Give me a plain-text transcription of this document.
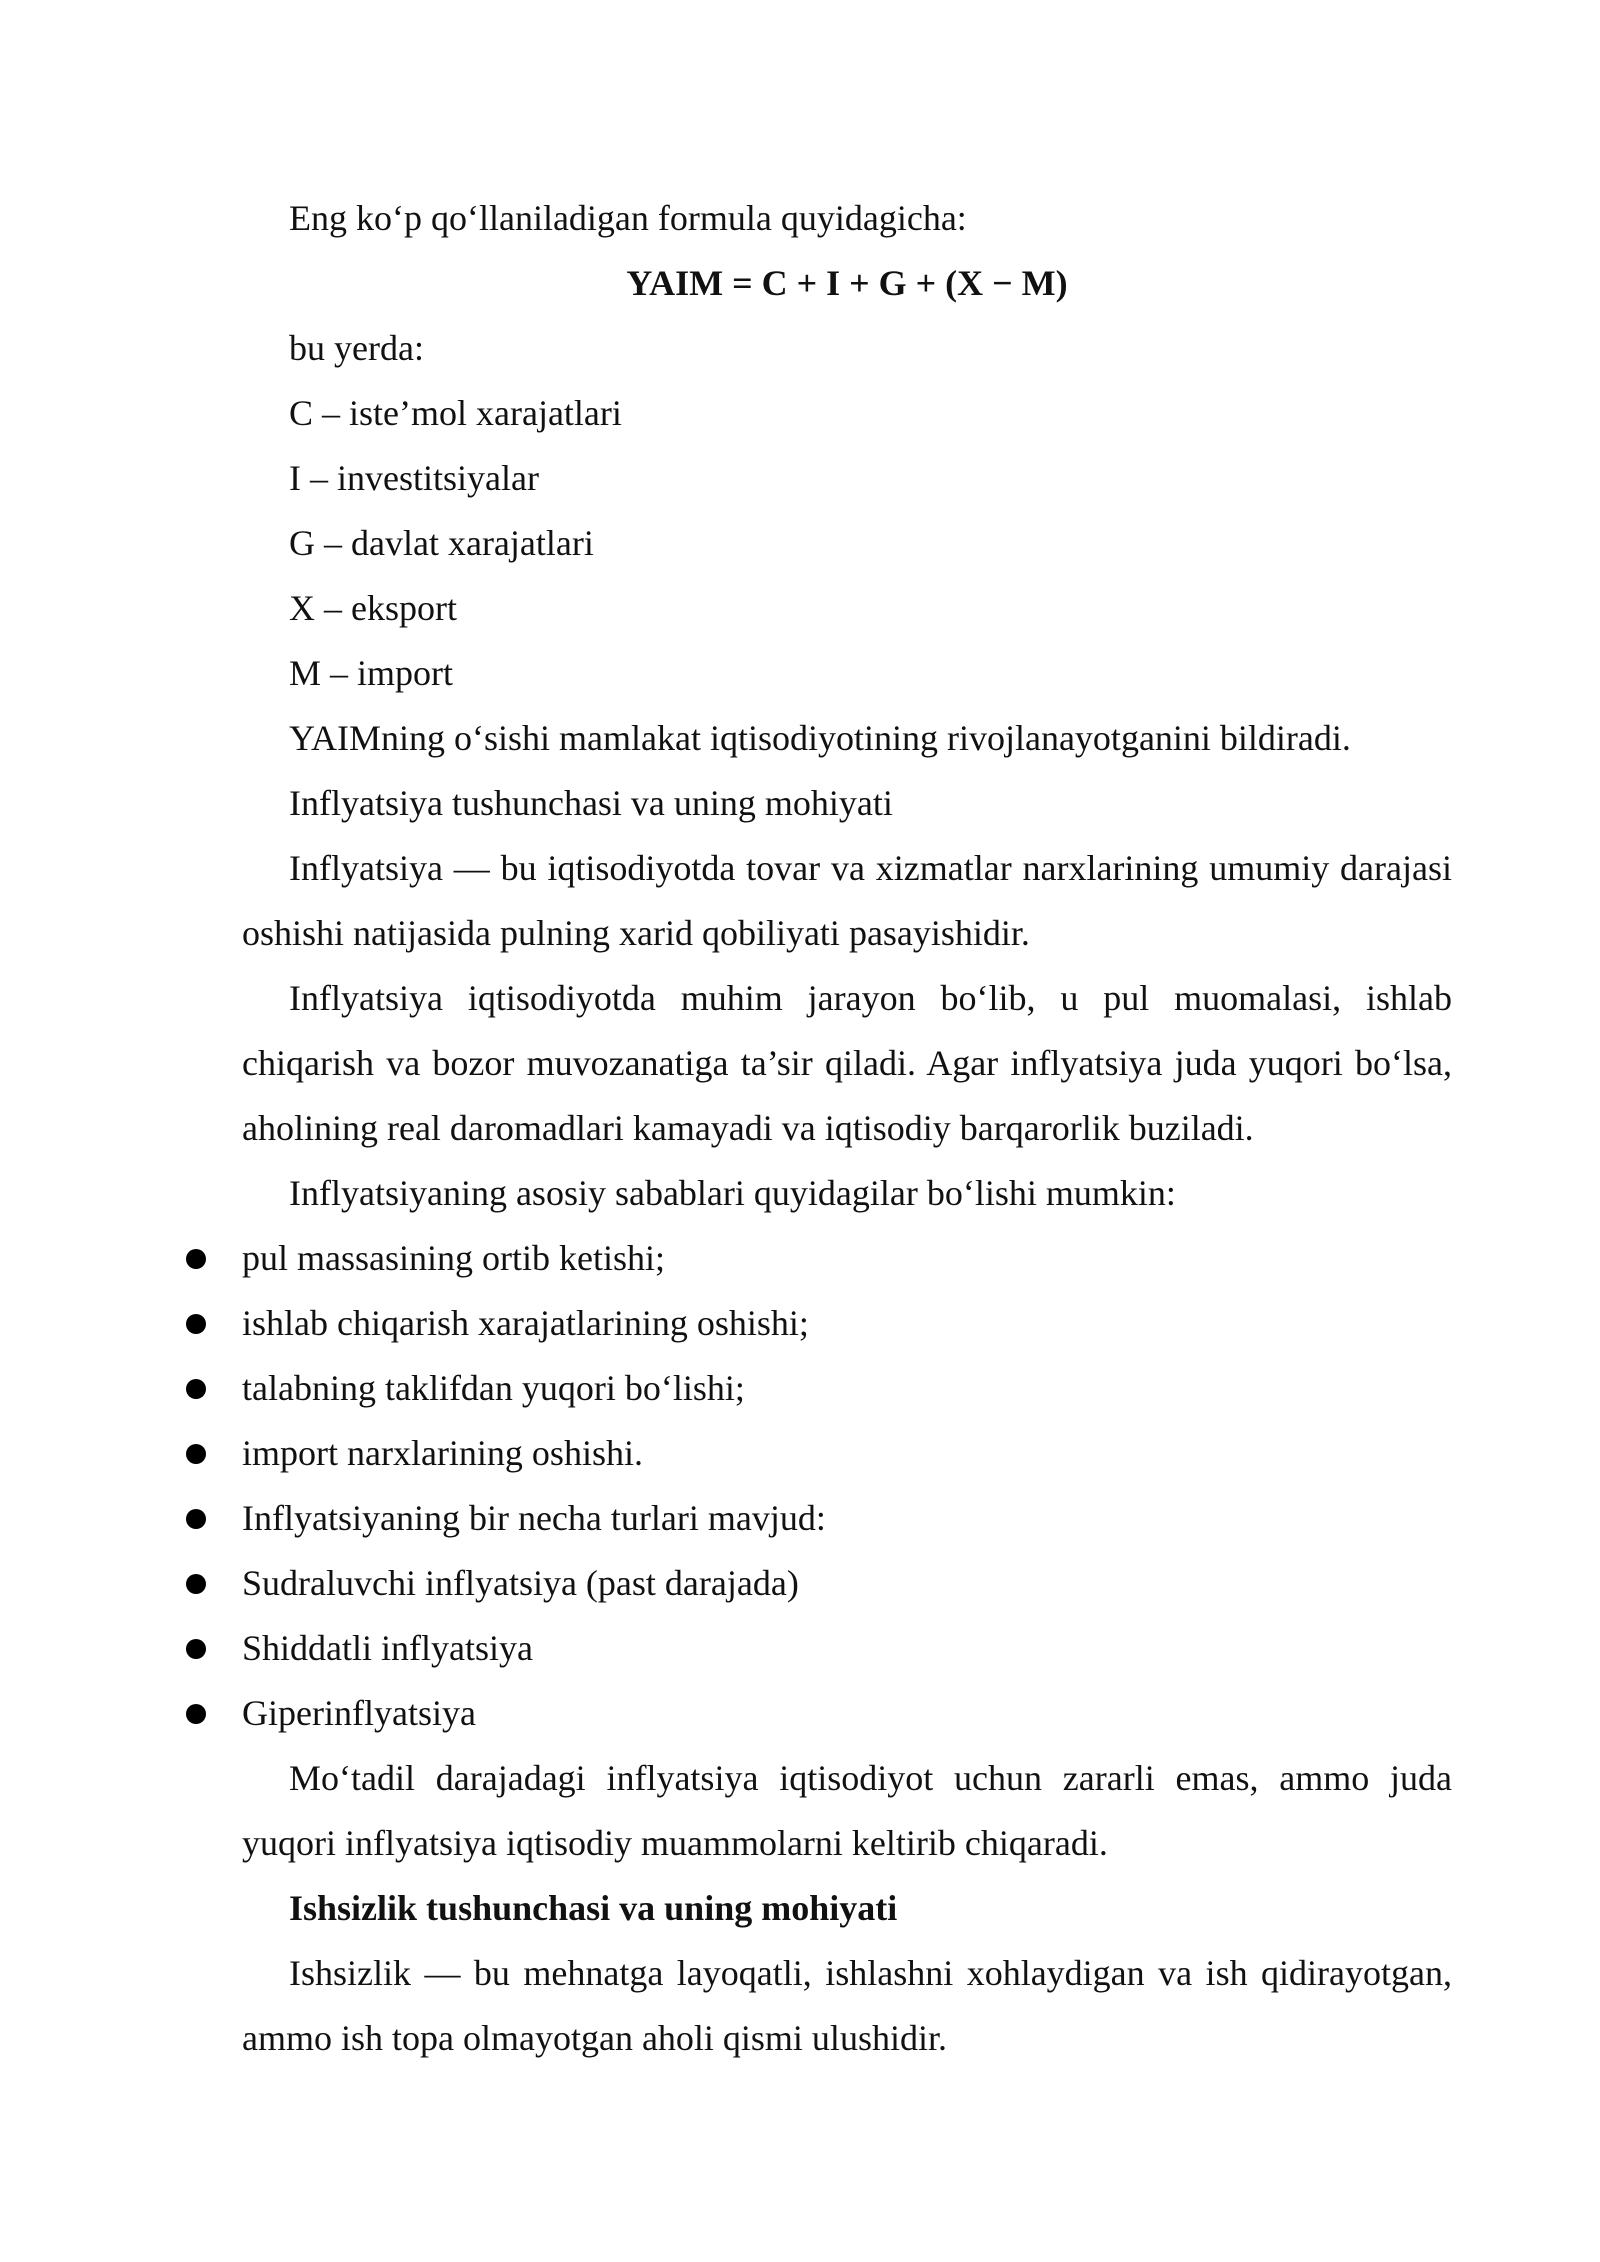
Eng koʻp qoʻllaniladigan formula quyidagicha:

YAIM = C + I + G + (X − M)

bu yerda:

C – iste’mol xarajatlari

I – investitsiyalar

G – davlat xarajatlari

X – eksport

M – import

YAIMning oʻsishi mamlakat iqtisodiyotining rivojlanayotganini bildiradi.

Inflyatsiya tushunchasi va uning mohiyati

Inflyatsiya — bu iqtisodiyotda tovar va xizmatlar narxlarining umumiy darajasi oshishi natijasida pulning xarid qobiliyati pasayishidir.

Inflyatsiya iqtisodiyotda muhim jarayon boʻlib, u pul muomalasi, ishlab chiqarish va bozor muvozanatiga ta’sir qiladi. Agar inflyatsiya juda yuqori boʻlsa, aholining real daromadlari kamayadi va iqtisodiy barqarorlik buziladi.

Inflyatsiyaning asosiy sabablari quyidagilar boʻlishi mumkin:

pul massasining ortib ketishi;
ishlab chiqarish xarajatlarining oshishi;
talabning taklifdan yuqori boʻlishi;
import narxlarining oshishi.
Inflyatsiyaning bir necha turlari mavjud:
Sudraluvchi inflyatsiya (past darajada)
Shiddatli inflyatsiya
Giperinflyatsiya

Moʻtadil darajadagi inflyatsiya iqtisodiyot uchun zararli emas, ammo juda yuqori inflyatsiya iqtisodiy muammolarni keltirib chiqaradi.

Ishsizlik tushunchasi va uning mohiyati

Ishsizlik — bu mehnatga layoqatli, ishlashni xohlaydigan va ish qidirayotgan, ammo ish topa olmayotgan aholi qismi ulushidir.
